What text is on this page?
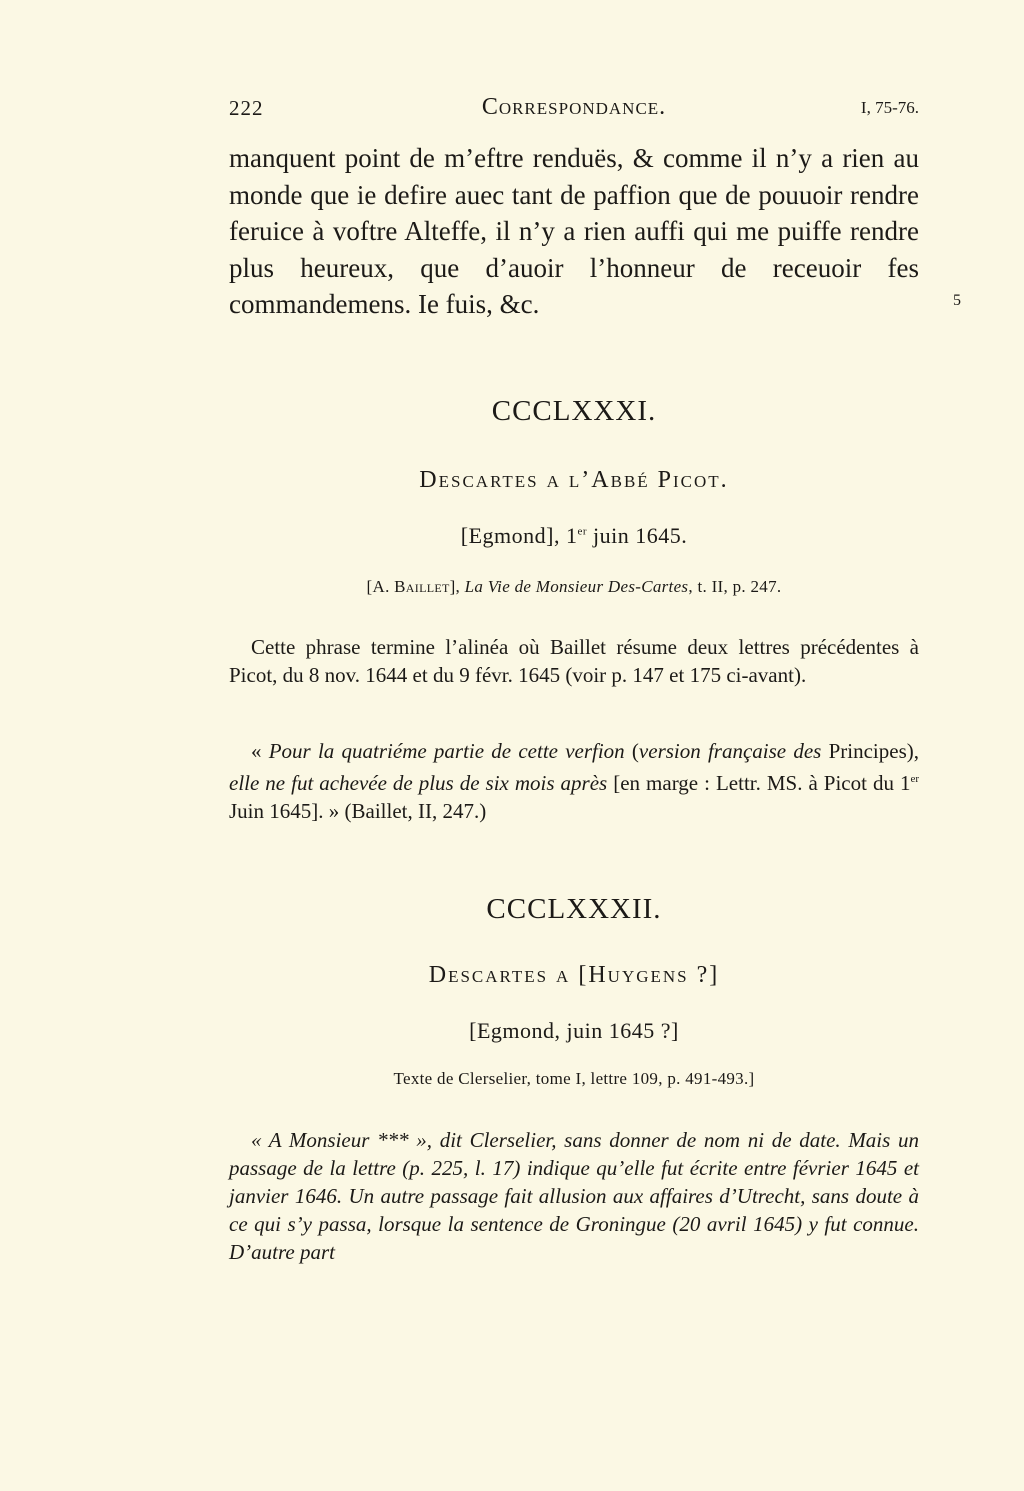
222	Correspondance.	I, 75-76.
manquent point de m’eftre renduës, & comme il n’y a rien au monde que ie defire auec tant de paffion que de pouuoir rendre feruice à voftre Alteffe, il n’y a rien auffi qui me puiffe rendre plus heureux, que d’auoir l’honneur de receuoir fes commandemens. Ie fuis, &c.	5
CCCLXXXI.
Descartes a l’Abbé Picot.
[Egmond], 1er juin 1645.
[A. Baillet], La Vie de Monsieur Des-Cartes, t. II, p. 247.
Cette phrase termine l’alinéa où Baillet résume deux lettres précédentes à Picot, du 8 nov. 1644 et du 9 févr. 1645 (voir p. 147 et 175 ci-avant).
« Pour la quatriéme partie de cette verfion (version française des Principes), elle ne fut achevée de plus de six mois après [en marge : Lettr. MS. à Picot du 1er Juin 1645]. » (Baillet, II, 247.)
CCCLXXXII.
Descartes a [Huygens ?]
[Egmond, juin 1645 ?]
Texte de Clerselier, tome I, lettre 109, p. 491-493.]
« A Monsieur *** », dit Clerselier, sans donner de nom ni de date. Mais un passage de la lettre (p. 225, l. 17) indique qu’elle fut écrite entre février 1645 et janvier 1646. Un autre passage fait allusion aux affaires d’Utrecht, sans doute à ce qui s’y passa, lorsque la sentence de Groningue (20 avril 1645) y fut connue. D’autre part
